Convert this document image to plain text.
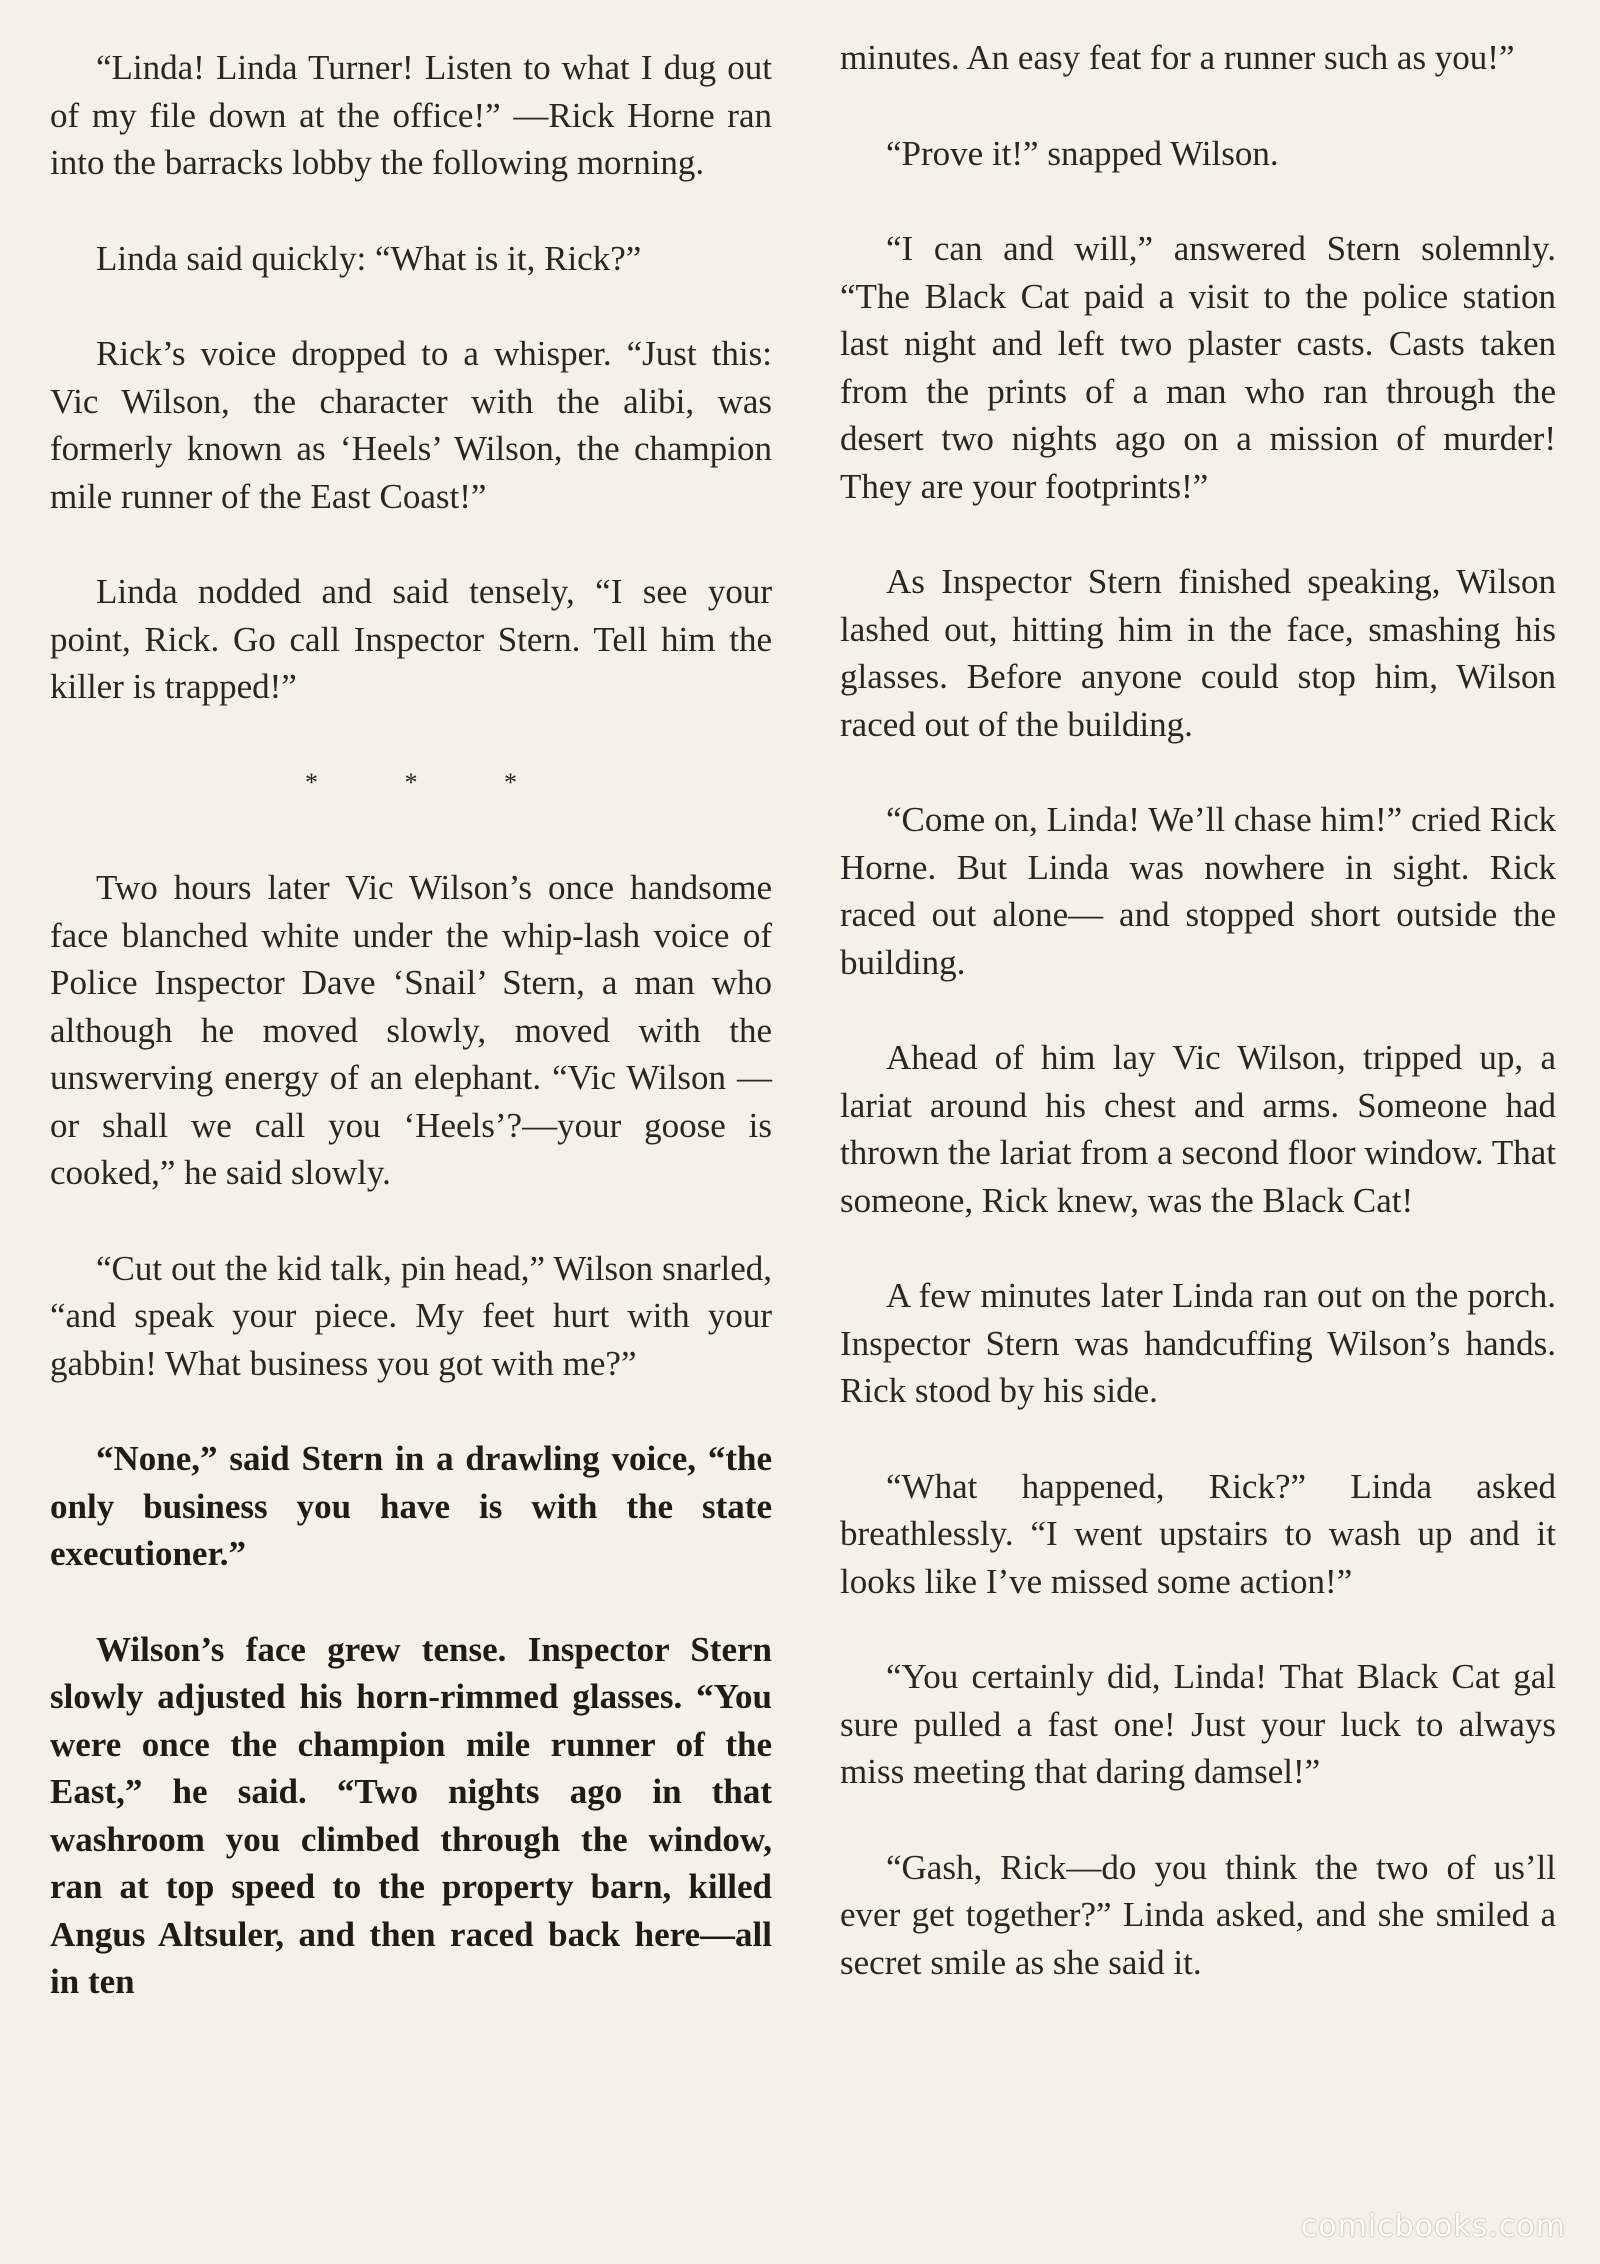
“Linda! Linda Turner! Listen to what I dug out of my file down at the office!” —Rick Horne ran into the barracks lobby the following morning.

Linda said quickly: “What is it, Rick?”

Rick’s voice dropped to a whisper. “Just this: Vic Wilson, the character with the alibi, was formerly known as ‘Heels’ Wilson, the champion mile runner of the East Coast!”

Linda nodded and said tensely, “I see your point, Rick. Go call Inspector Stern. Tell him the killer is trapped!”

* * *

Two hours later Vic Wilson’s once handsome face blanched white under the whip-lash voice of Police Inspector Dave ‘Snail’ Stern, a man who although he moved slowly, moved with the unswerving energy of an elephant. “Vic Wilson —or shall we call you ‘Heels’?—your goose is cooked,” he said slowly.

“Cut out the kid talk, pin head,” Wilson snarled, “and speak your piece. My feet hurt with your gabbin! What business you got with me?”

“None,” said Stern in a drawling voice, “the only business you have is with the state executioner.”

Wilson’s face grew tense. Inspector Stern slowly adjusted his horn-rimmed glasses. “You were once the champion mile runner of the East,” he said. “Two nights ago in that washroom you climbed through the window, ran at top speed to the property barn, killed Angus Altsuler, and then raced back here—all in ten

minutes. An easy feat for a runner such as you!”

“Prove it!” snapped Wilson.

“I can and will,” answered Stern solemnly. “The Black Cat paid a visit to the police station last night and left two plaster casts. Casts taken from the prints of a man who ran through the desert two nights ago on a mission of murder! They are your footprints!”

As Inspector Stern finished speaking, Wilson lashed out, hitting him in the face, smashing his glasses. Before anyone could stop him, Wilson raced out of the building.

“Come on, Linda! We’ll chase him!” cried Rick Horne. But Linda was nowhere in sight. Rick raced out alone— and stopped short outside the building.

Ahead of him lay Vic Wilson, tripped up, a lariat around his chest and arms. Someone had thrown the lariat from a second floor window. That someone, Rick knew, was the Black Cat!

A few minutes later Linda ran out on the porch. Inspector Stern was handcuffing Wilson’s hands. Rick stood by his side.

“What happened, Rick?” Linda asked breathlessly. “I went upstairs to wash up and it looks like I’ve missed some action!”

“You certainly did, Linda! That Black Cat gal sure pulled a fast one! Just your luck to always miss meeting that daring damsel!”

“Gash, Rick—do you think the two of us’ll ever get together?” Linda asked, and she smiled a secret smile as she said it.

comicbooks.com
